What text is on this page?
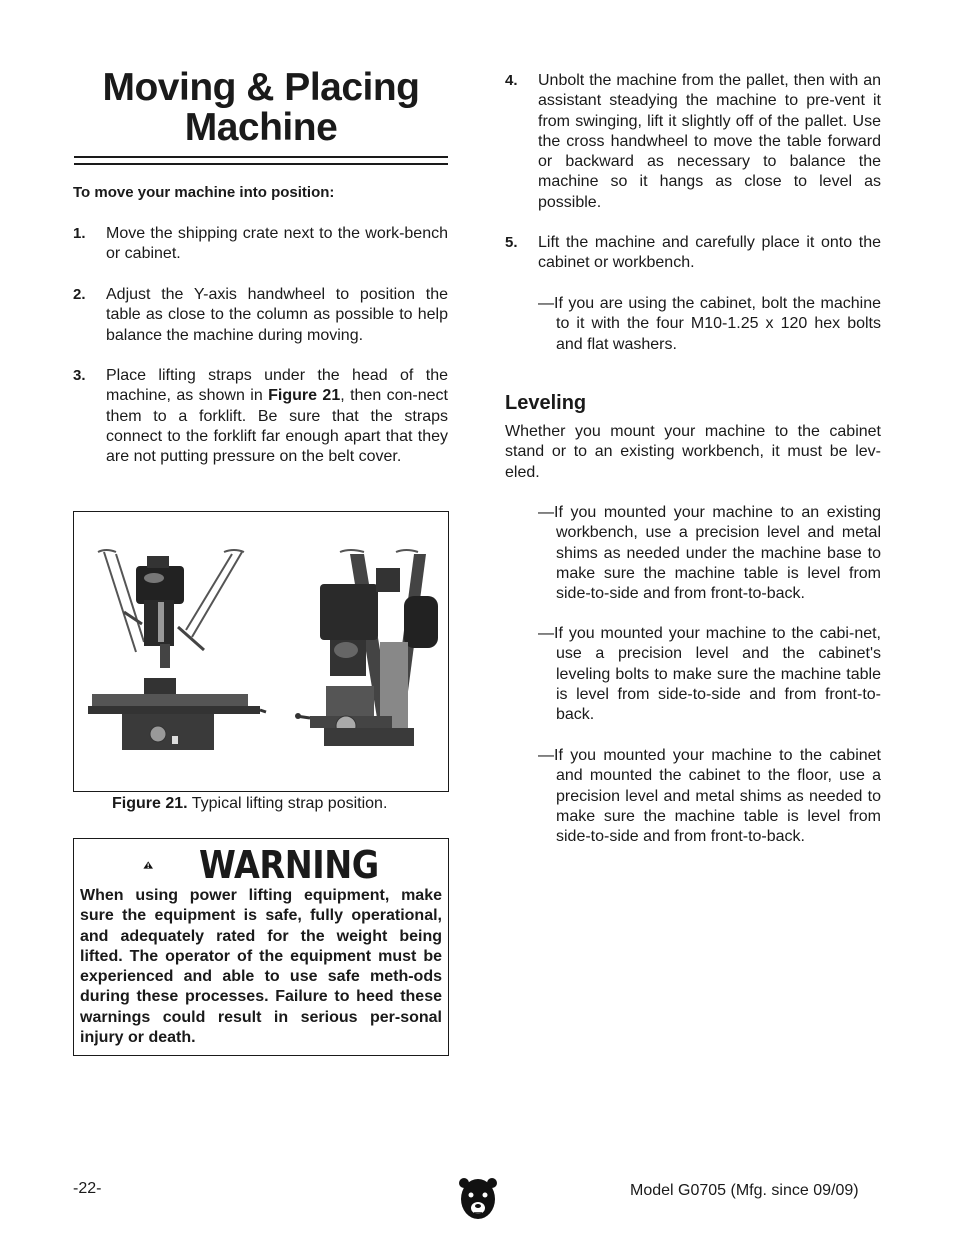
Moving & Placing Machine
To move your machine into position:
1. Move the shipping crate next to the work-bench or cabinet.
2. Adjust the Y-axis handwheel to position the table as close to the column as possible to help balance the machine during moving.
3. Place lifting straps under the head of the machine, as shown in Figure 21, then con-nect them to a forklift. Be sure that the straps connect to the forklift far enough apart that they are not putting pressure on the belt cover.
Figure 21. Typical lifting strap position.
WARNING
When using power lifting equipment, make sure the equipment is safe, fully operational, and adequately rated for the weight being lifted. The operator of the equipment must be experienced and able to use safe meth-ods during these processes. Failure to heed these warnings could result in serious per-sonal injury or death.
4. Unbolt the machine from the pallet, then with an assistant steadying the machine to pre-vent it from swinging, lift it slightly off of the pallet. Use the cross handwheel to move the table forward or backward as necessary to balance the machine so it hangs as close to level as possible.
5. Lift the machine and carefully place it onto the cabinet or workbench.
—If you are using the cabinet, bolt the machine to it with the four M10-1.25 x 120 hex bolts and flat washers.
Leveling
Whether you mount your machine to the cabinet stand or to an existing workbench, it must be lev-eled.
—If you mounted your machine to an existing workbench, use a precision level and metal shims as needed under the machine base to make sure the machine table is level from side-to-side and from front-to-back.
—If you mounted your machine to the cabi-net, use a precision level and the cabinet's leveling bolts to make sure the machine table is level from side-to-side and from front-to-back.
—If you mounted your machine to the cabinet and mounted the cabinet to the floor, use a precision level and metal shims as needed to make sure the machine table is level from side-to-side and from front-to-back.
-22-	Model G0705 (Mfg. since 09/09)
